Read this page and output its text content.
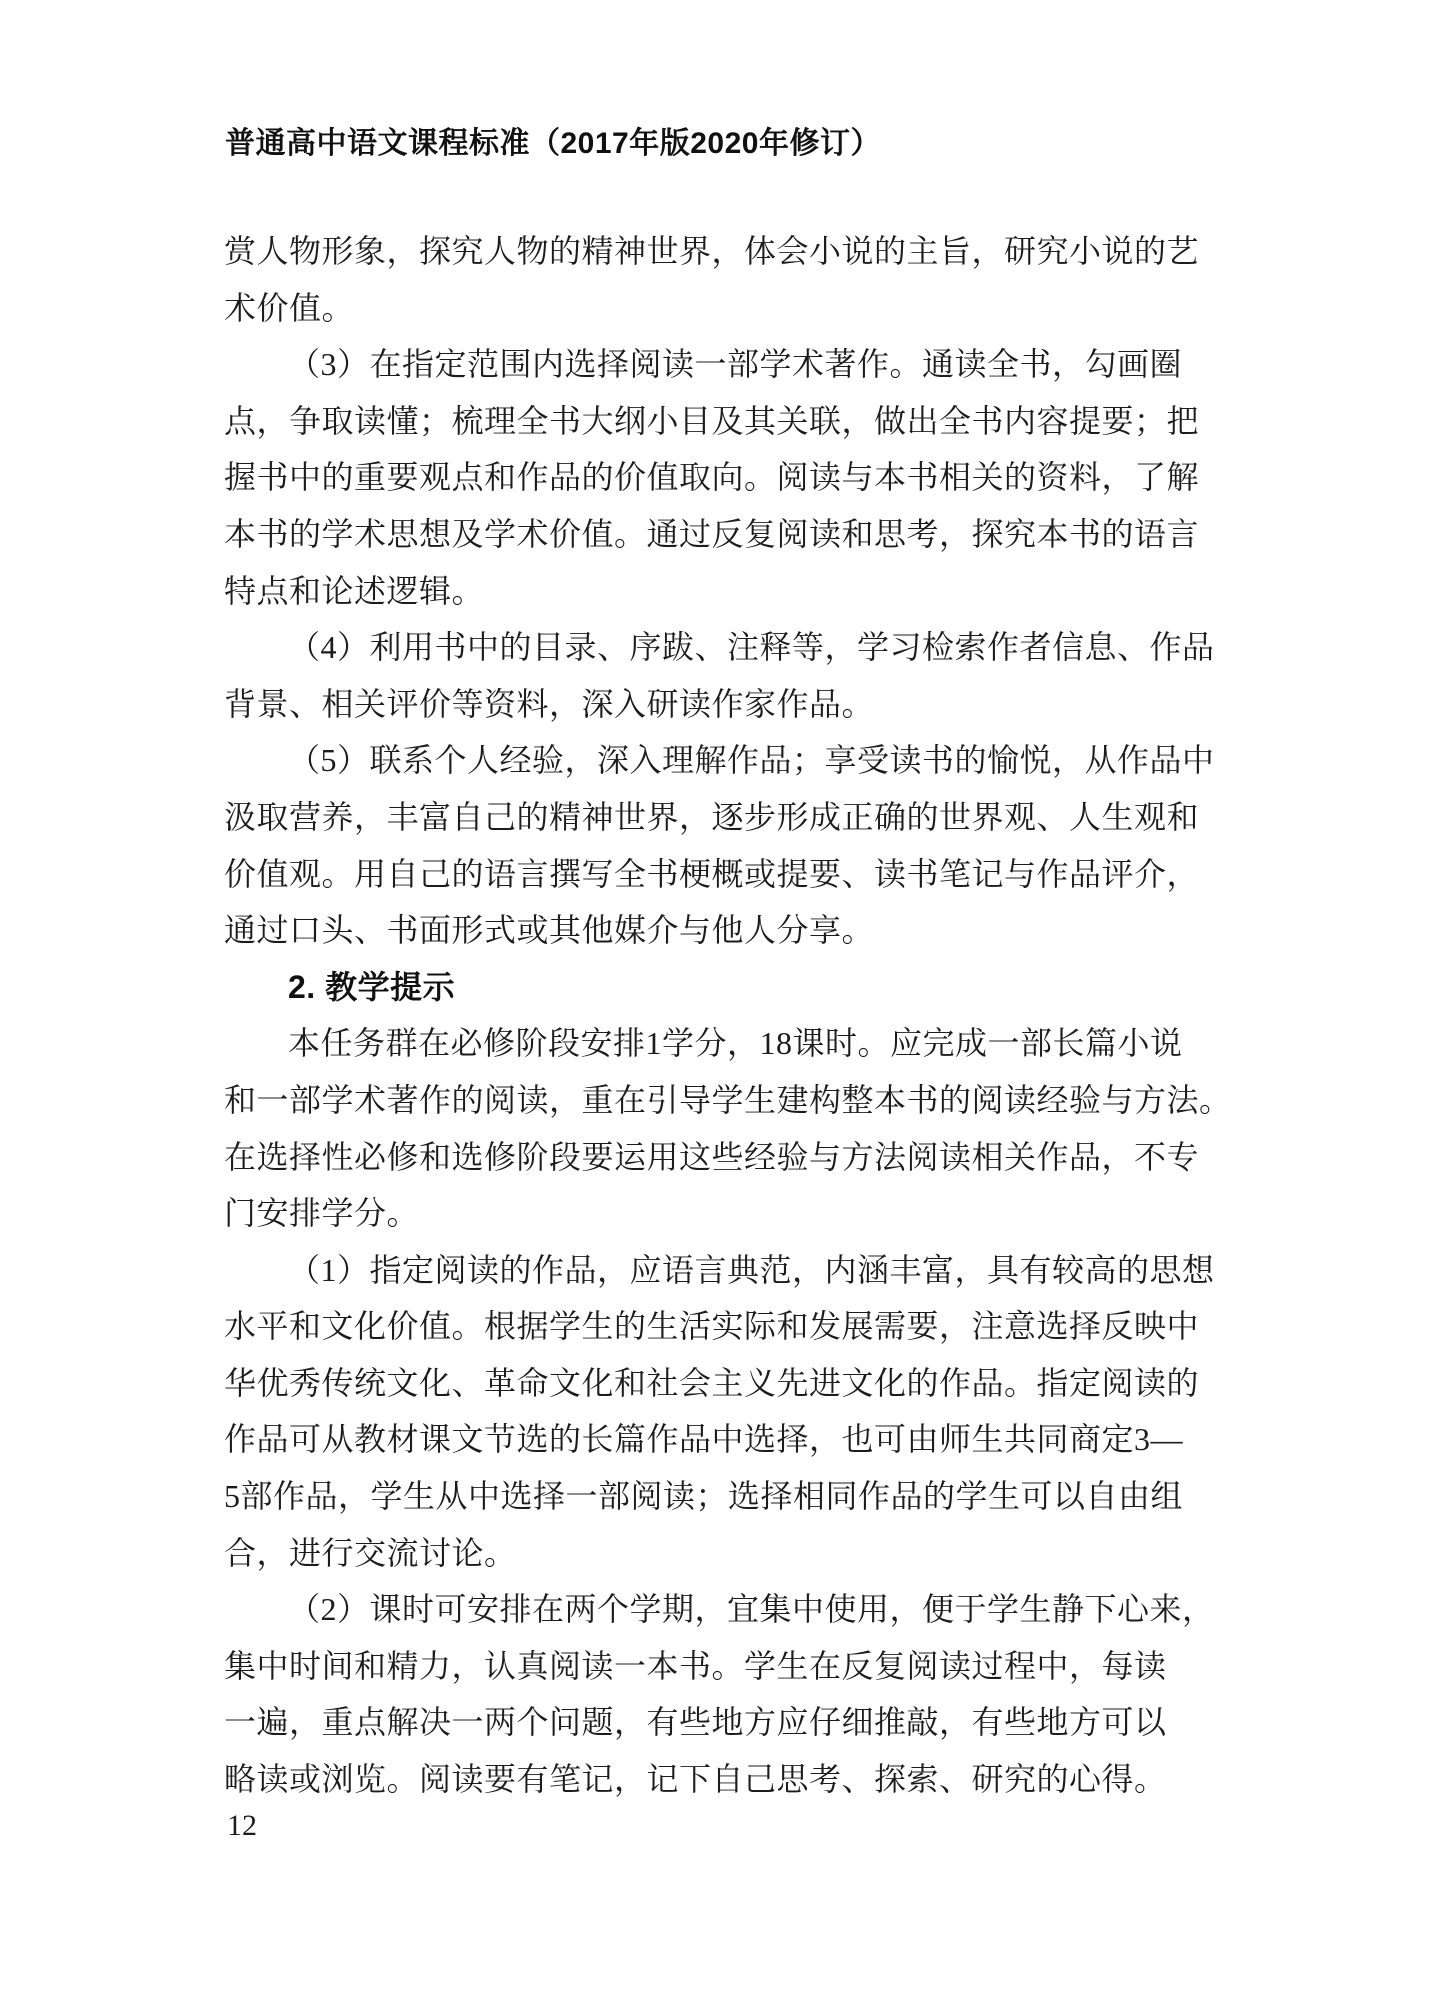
普通高中语文课程标准（2017年版2020年修订）
赏人物形象，探究人物的精神世界，体会小说的主旨，研究小说的艺
术价值。
（3）在指定范围内选择阅读一部学术著作。通读全书，勾画圈
点，争取读懂；梳理全书大纲小目及其关联，做出全书内容提要；把
握书中的重要观点和作品的价值取向。阅读与本书相关的资料，了解
本书的学术思想及学术价值。通过反复阅读和思考，探究本书的语言
特点和论述逻辑。
（4）利用书中的目录、序跋、注释等，学习检索作者信息、作品
背景、相关评价等资料，深入研读作家作品。
（5）联系个人经验，深入理解作品；享受读书的愉悦，从作品中
汲取营养，丰富自己的精神世界，逐步形成正确的世界观、人生观和
价值观。用自己的语言撰写全书梗概或提要、读书笔记与作品评介，
通过口头、书面形式或其他媒介与他人分享。
2. 教学提示
本任务群在必修阶段安排1学分，18课时。应完成一部长篇小说
和一部学术著作的阅读，重在引导学生建构整本书的阅读经验与方法。
在选择性必修和选修阶段要运用这些经验与方法阅读相关作品，不专
门安排学分。
（1）指定阅读的作品，应语言典范，内涵丰富，具有较高的思想
水平和文化价值。根据学生的生活实际和发展需要，注意选择反映中
华优秀传统文化、革命文化和社会主义先进文化的作品。指定阅读的
作品可从教材课文节选的长篇作品中选择，也可由师生共同商定3—
5部作品，学生从中选择一部阅读；选择相同作品的学生可以自由组
合，进行交流讨论。
（2）课时可安排在两个学期，宜集中使用，便于学生静下心来，
集中时间和精力，认真阅读一本书。学生在反复阅读过程中，每读
一遍，重点解决一两个问题，有些地方应仔细推敲，有些地方可以
略读或浏览。阅读要有笔记，记下自己思考、探索、研究的心得。
12
